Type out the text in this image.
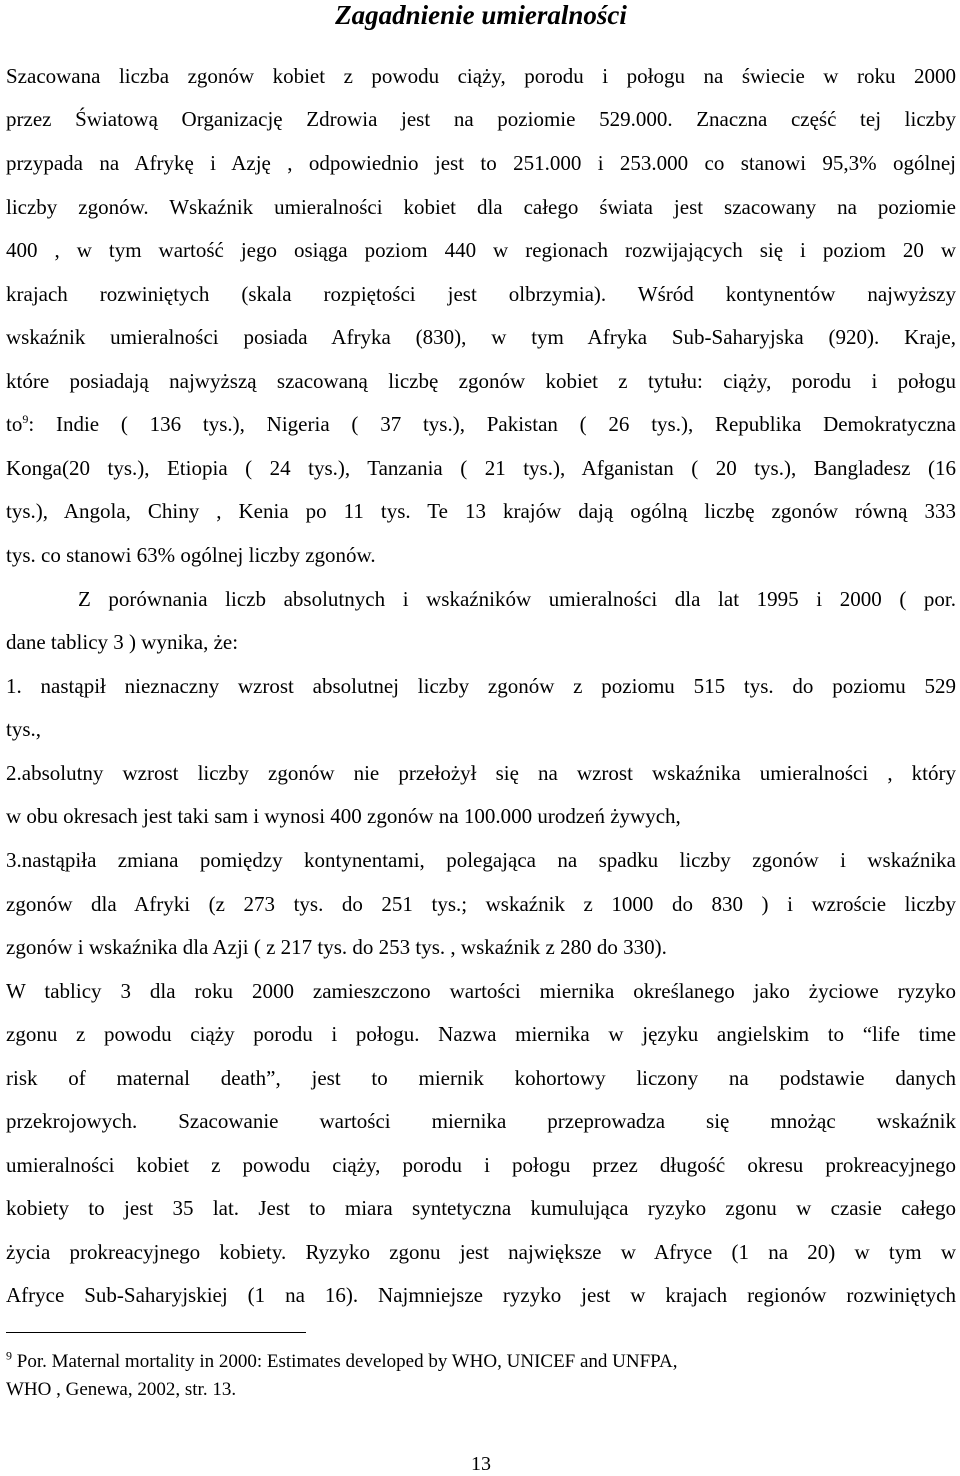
Zagadnienie umieralności
Szacowana liczba zgonów kobiet z powodu ciąży, porodu i połogu na świecie w roku 2000
przez Światową Organizację Zdrowia jest na poziomie 529.000. Znaczna część tej liczby
przypada na Afrykę i Azję , odpowiednio jest to 251.000 i 253.000 co stanowi 95,3% ogólnej
liczby zgonów. Wskaźnik umieralności kobiet dla całego świata jest szacowany na poziomie
400 , w tym wartość jego osiąga poziom 440 w regionach rozwijających się i poziom 20 w
krajach rozwiniętych (skala rozpiętości jest olbrzymia). Wśród kontynentów najwyższy
wskaźnik umieralności posiada Afryka (830), w tym Afryka Sub-Saharyjska (920). Kraje,
które posiadają najwyższą szacowaną liczbę zgonów kobiet z tytułu: ciąży, porodu i połogu
$to^9$: Indie ( 136 tys.), Nigeria ( 37 tys.), Pakistan ( 26 tys.), Republika Demokratyczna
Konga(20 tys.), Etiopia ( 24 tys.), Tanzania ( 21 tys.), Afganistan ( 20 tys.), Bangladesz (16
tys.), Angola, Chiny , Kenia po 11 tys. Te 13 krajów dają ogólną liczbę zgonów równą 333
tys. co stanowi 63% ogólnej liczby zgonów.
Z porównania liczb absolutnych i wskaźników umieralności dla lat 1995 i 2000 ( por.
dane tablicy 3 ) wynika, że:
1. nastąpił nieznaczny wzrost absolutnej liczby zgonów z poziomu 515 tys. do poziomu 529
tys.,
2.absolutny wzrost liczby zgonów nie przełożył się na wzrost wskaźnika umieralności , który
w obu okresach jest taki sam i wynosi 400 zgonów na 100.000 urodzeń żywych,
3.nastąpiła zmiana pomiędzy kontynentami, polegająca na spadku liczby zgonów i wskaźnika
zgonów dla Afryki (z 273 tys. do 251 tys.; wskaźnik z 1000 do 830 ) i wzroście liczby
zgonów i wskaźnika dla Azji ( z 217 tys. do 253 tys. , wskaźnik z 280 do 330).
W tablicy 3 dla roku 2000 zamieszczono wartości miernika określanego jako życiowe ryzyko
zgonu z powodu ciąży porodu i połogu. Nazwa miernika w języku angielskim to “life time
risk of maternal death”, jest to miernik kohortowy liczony na podstawie danych
przekrojowych. Szacowanie wartości miernika przeprowadza się mnożąc wskaźnik
umieralności kobiet z powodu ciąży, porodu i połogu przez długość okresu prokreacyjnego
kobiety to jest 35 lat. Jest to miara syntetyczna kumulująca ryzyko zgonu w czasie całego
życia prokreacyjnego kobiety. Ryzyko zgonu jest największe w Afryce (1 na 20) w tym w
Afryce Sub-Saharyjskiej (1 na 16). Najmniejsze ryzyko jest w krajach regionów rozwiniętych
$^9$ Por. Maternal mortality in 2000: Estimates developed by WHO, UNICEF and UNFPA,
WHO , Genewa, 2002, str. 13.
13
